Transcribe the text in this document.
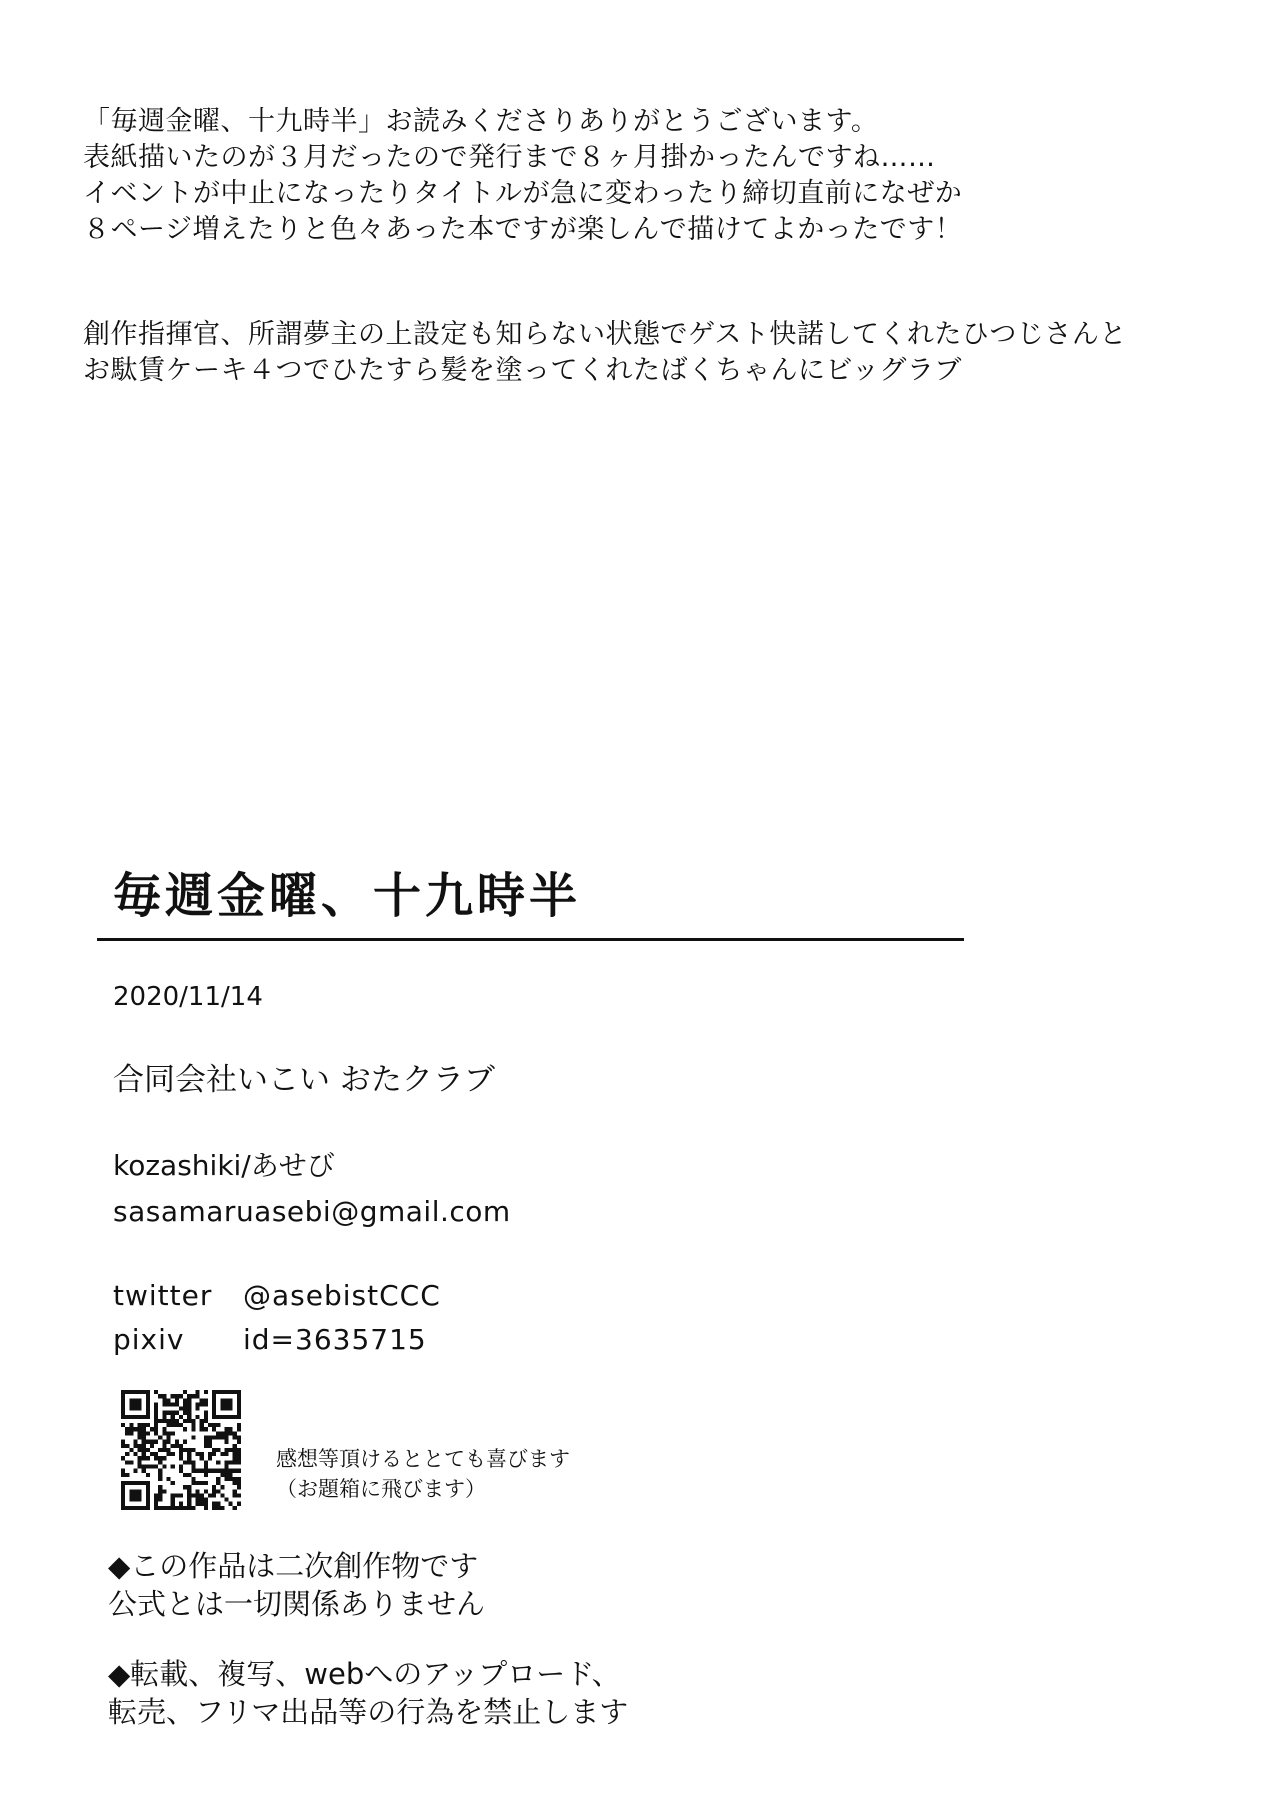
「毎週金曜、十九時半」お読みくださりありがとうございます。
表紙描いたのが３月だったので発行まで８ヶ月掛かったんですね……
イベントが中止になったりタイトルが急に変わったり締切直前になぜか
８ページ増えたりと色々あった本ですが楽しんで描けてよかったです！
創作指揮官、所謂夢主の上設定も知らない状態でゲスト快諾してくれたひつじさんと
お駄賃ケーキ４つでひたすら髪を塗ってくれたばくちゃんにビッグラブ
毎週金曜、十九時半
2020/11/14
合同会社いこい おたクラブ
kozashiki/あせび
sasamaruasebi@gmail.com
twitter @asebistCCC
pixiv id=3635715
感想等頂けるととても喜びます
（お題箱に飛びます）
◆この作品は二次創作物です
公式とは一切関係ありません
◆転載、複写、webへのアップロード、
転売、フリマ出品等の行為を禁止します
